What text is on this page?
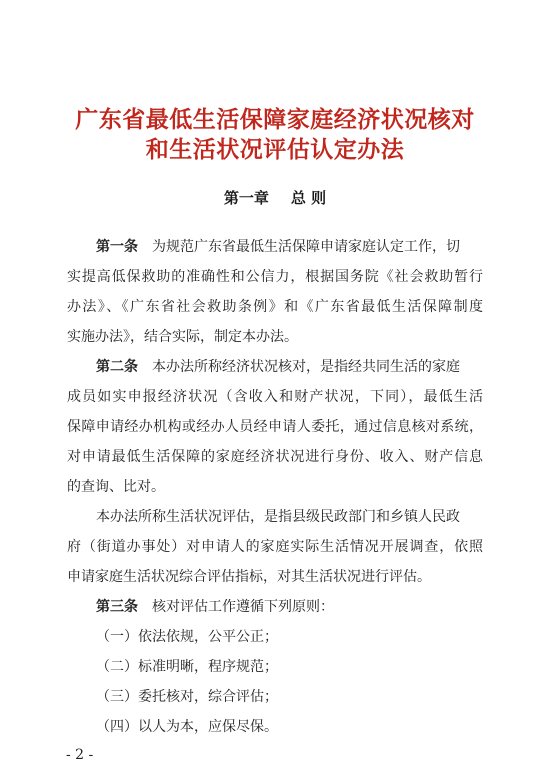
广东省最低生活保障家庭经济状况核对
和生活状况评估认定办法
第一章 总 则
第一条 为规范广东省最低生活保障申请家庭认定工作，切
实提高低保救助的准确性和公信力，根据国务院《社会救助暂行
办法》、《广东省社会救助条例》和《广东省最低生活保障制度
实施办法》，结合实际，制定本办法。
第二条 本办法所称经济状况核对，是指经共同生活的家庭
成员如实申报经济状况（含收入和财产状况，下同），最低生活
保障申请经办机构或经办人员经申请人委托，通过信息核对系统，
对申请最低生活保障的家庭经济状况进行身份、收入、财产信息
的查询、比对。
本办法所称生活状况评估，是指县级民政部门和乡镇人民政
府（街道办事处）对申请人的家庭实际生活情况开展调查，依照
申请家庭生活状况综合评估指标，对其生活状况进行评估。
第三条 核对评估工作遵循下列原则：
（一）依法依规，公平公正；
（二）标准明晰，程序规范；
（三）委托核对，综合评估；
（四）以人为本，应保尽保。
- 2 -
